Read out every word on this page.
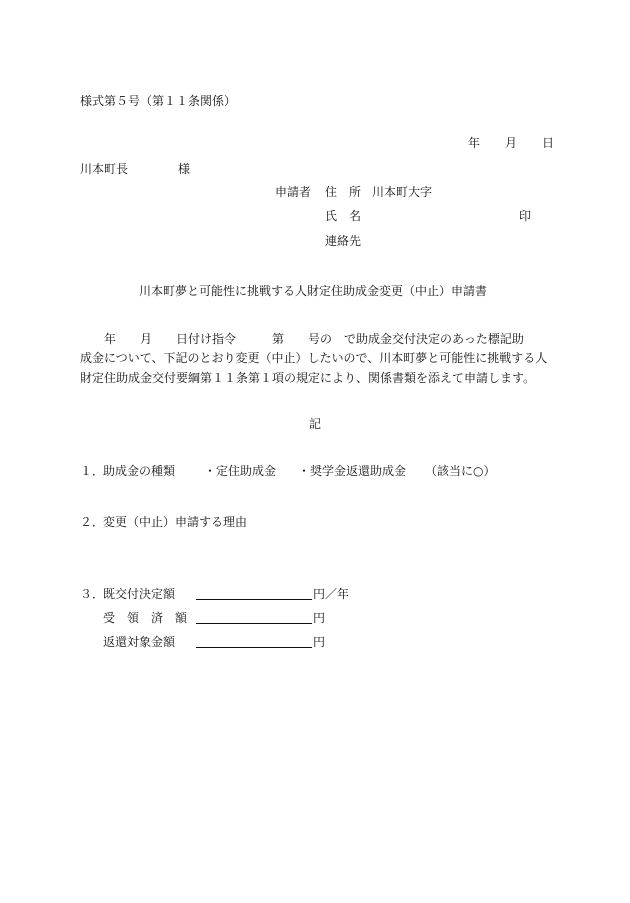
様式第５号（第１１条関係）
年 月 日
川本町長	様
申請者 住　所 川本町大字
氏　名	印
連絡先
川本町夢と可能性に挑戦する人財定住助成金変更（中止）申請書
　　年　　月　　日付け指令　　　第　　号の　で助成金交付決定のあった標記助
成金について、下記のとおり変更（中止）したいので、川本町夢と可能性に挑戦する人
財定住助成金交付要綱第１１条第１項の規定により、関係書類を添えて申請します。
記
１．
助成金の種類 ・定住助成金 ・奨学金返還助成金 （該当に○）
２．
変更（中止）申請する理由
３．
既交付決定額	円／年
受　領　済　額	円
返還対象金額	円
